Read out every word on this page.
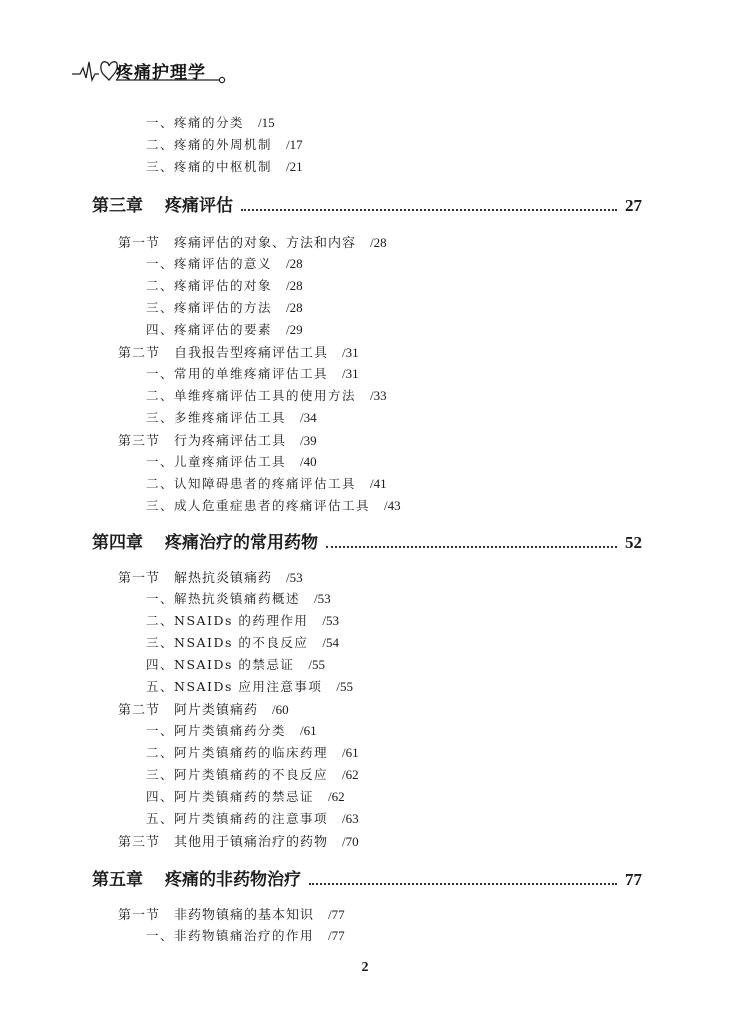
疼痛护理学
一、疼痛的分类 /15
二、疼痛的外周机制 /17
三、疼痛的中枢机制 /21
第三章 疼痛评估	27
第一节　疼痛评估的对象、方法和内容 /28
一、疼痛评估的意义 /28
二、疼痛评估的对象 /28
三、疼痛评估的方法 /28
四、疼痛评估的要素 /29
第二节　自我报告型疼痛评估工具 /31
一、常用的单维疼痛评估工具 /31
二、单维疼痛评估工具的使用方法 /33
三、多维疼痛评估工具 /34
第三节　行为疼痛评估工具 /39
一、儿童疼痛评估工具 /40
二、认知障碍患者的疼痛评估工具 /41
三、成人危重症患者的疼痛评估工具 /43
第四章 疼痛治疗的常用药物	52
第一节　解热抗炎镇痛药 /53
一、解热抗炎镇痛药概述 /53
二、NSAIDs 的药理作用 /53
三、NSAIDs 的不良反应 /54
四、NSAIDs 的禁忌证 /55
五、NSAIDs 应用注意事项 /55
第二节　阿片类镇痛药 /60
一、阿片类镇痛药分类 /61
二、阿片类镇痛药的临床药理 /61
三、阿片类镇痛药的不良反应 /62
四、阿片类镇痛药的禁忌证 /62
五、阿片类镇痛药的注意事项 /63
第三节　其他用于镇痛治疗的药物 /70
第五章 疼痛的非药物治疗	77
第一节　非药物镇痛的基本知识 /77
一、非药物镇痛治疗的作用 /77
2
